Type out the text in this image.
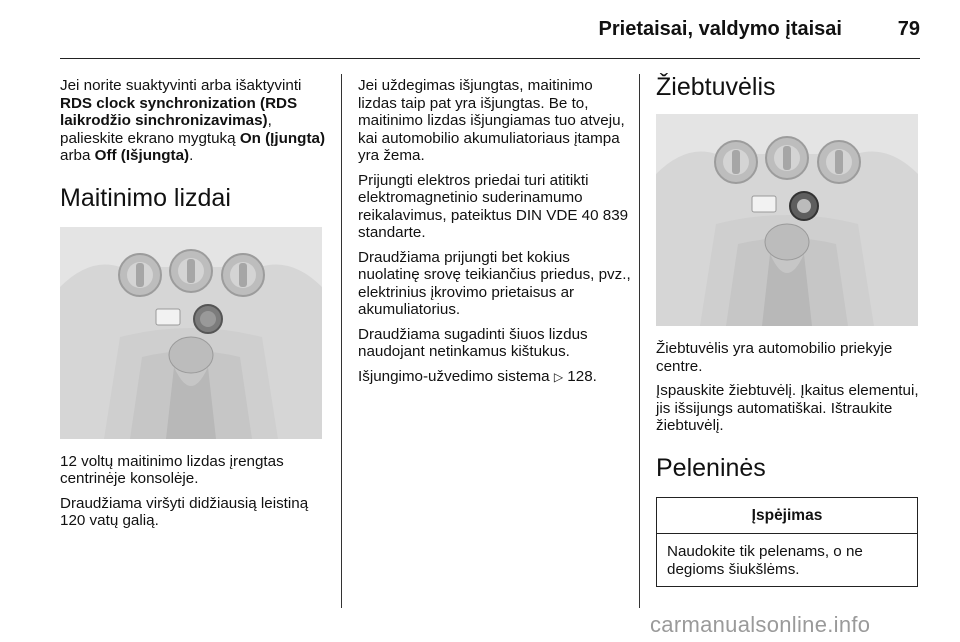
Prietaisai, valdymo įtaisai	79

Jei norite suaktyvinti arba išaktyvinti RDS clock synchronization (RDS laikrodžio sinchronizavimas), palieskite ekrano mygtuką On (Įjungta) arba Off (Išjungta).

Maitinimo lizdai

12 voltų maitinimo lizdas įrengtas centrinėje konsolėje.

Draudžiama viršyti didžiausią leistiną 120 vatų galią.

Jei uždegimas išjungtas, maitinimo lizdas taip pat yra išjungtas. Be to, maitinimo lizdas išjungiamas tuo atveju, kai automobilio akumuliatoriaus įtampa yra žema.

Prijungti elektros priedai turi atitikti elektromagnetinio suderinamumo reikalavimus, pateiktus DIN VDE 40 839 standarte.

Draudžiama prijungti bet kokius nuolatinę srovę teikiančius priedus, pvz., elektrinius įkrovimo prietaisus ar akumuliatorius.

Draudžiama sugadinti šiuos lizdus naudojant netinkamus kištukus.

Išjungimo-užvedimo sistema ▷ 128.

Žiebtuvėlis

Žiebtuvėlis yra automobilio priekyje centre.

Įspauskite žiebtuvėlį. Įkaitus elementui, jis išsijungs automatiškai. Ištraukite žiebtuvėlį.

Peleninės
Įspėjimas
Naudokite tik pelenams, o ne degioms šiukšlėms.
carmanualsonline.info
